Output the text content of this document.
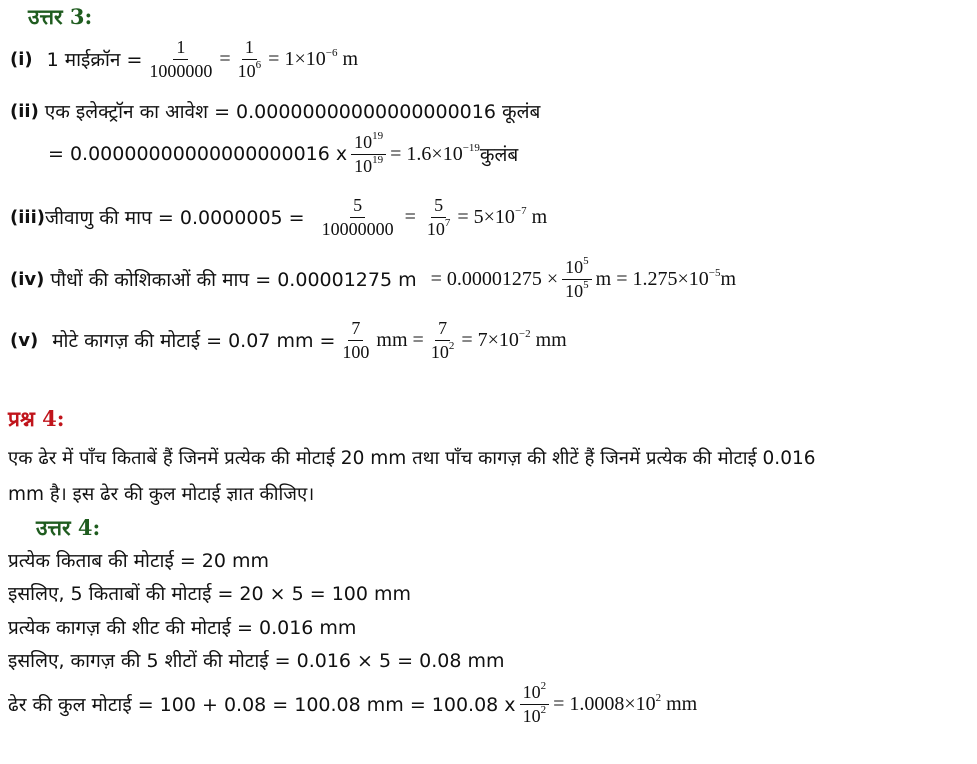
उत्तर 3:
(i) 1 माईक्रॉन = $\frac{1}{1000000} = \frac{1}{10^6} = 1\times 10^{-6}$ m
(ii) एक इलेक्ट्रॉन का आवेश = 0.00000000000000000016 कूलंब
= 0.00000000000000000016 x $\frac{10^{19}}{10^{19}} = 1.6\times 10^{-19}$ कुलंब
(iii) जीवाणु की माप = $0.0000005 = \frac{5}{10000000} = \frac{5}{10^7} = 5\times 10^{-7}$ m
(iv) पौधों की कोशिकाओं की माप = 0.00001275 $m = 0.00001275 \times \frac{10^5}{10^5}$ $m = 1.275\times 10^{-5}m$
(v) मोटे कागज़ की मोटाई = 0.07 mm = $\frac{7}{100}$ mm = $\frac{7}{10^2} = 7\times 10^{-2}$ mm
प्रश्न 4:
एक ढेर में पाँच किताबें हैं जिनमें प्रत्येक की मोटाई 20 mm तथा पाँच कागज़ की शीटें हैं जिनमें प्रत्येक की मोटाई 0.016
mm है। इस ढेर की कुल मोटाई ज्ञात कीजिए।
उत्तर 4:
प्रत्येक किताब की मोटाई = 20 mm
इसलिए, 5 किताबों की मोटाई = 20 × 5 = 100 mm
प्रत्येक कागज़ की शीट की मोटाई = 0.016 mm
इसलिए, कागज़ की 5 शीटों की मोटाई = 0.016 × 5 = 0.08 mm
ढेर की कुल मोटाई = 100 + 0.08 = 100.08 mm = 100.08 x $\frac{10^2}{10^2} = 1.0008\times 10^2$ mm
